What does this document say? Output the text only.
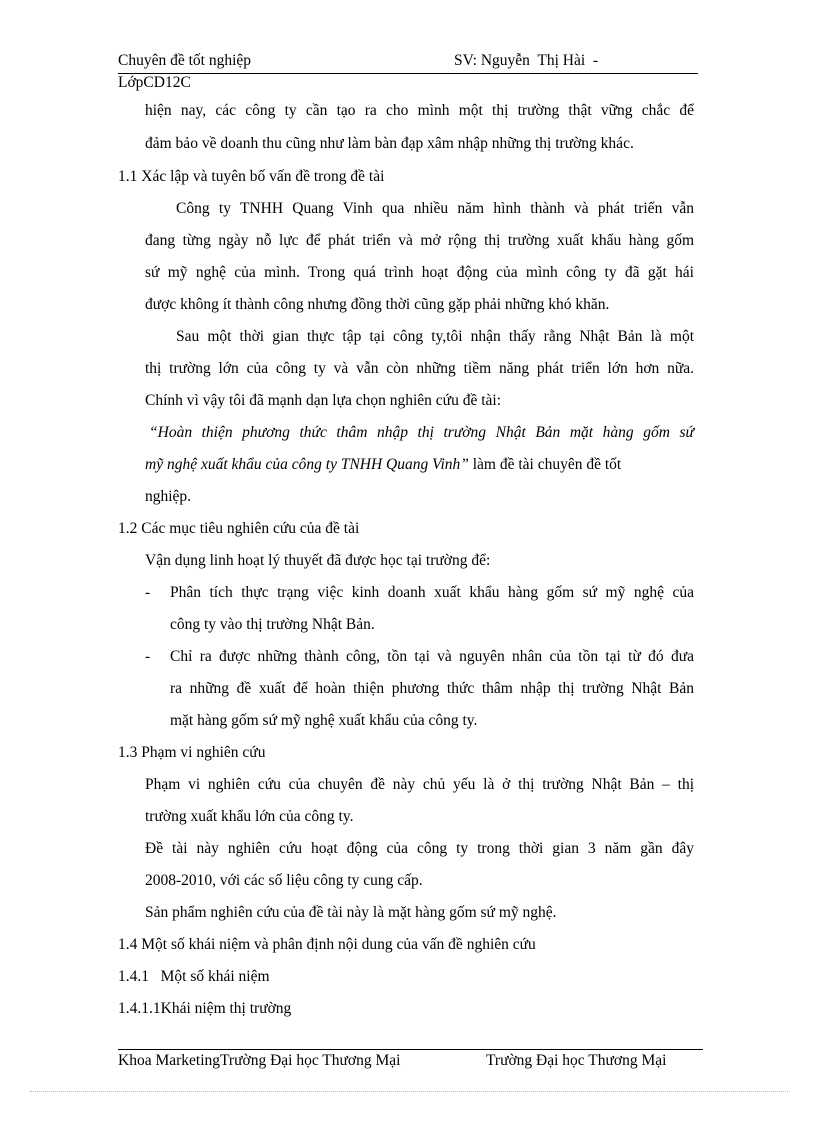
Chuyên đề tốt nghiệp	SV: Nguyễn  Thị Hài  -
LớpCD12C
hiện nay, các công ty cần tạo ra cho mình một thị trường thật vững chắc để
đảm bảo về doanh thu cũng như làm bàn đạp xâm nhập những thị trường khác.
1.1 Xác lập và tuyên bố vấn đề trong đề tài
Công ty TNHH Quang Vinh qua nhiều năm hình thành và phát triển vẫn
đang từng ngày nỗ lực để phát triển và mở rộng thị trường xuất khẩu hàng gốm
sứ mỹ nghệ của mình. Trong quá trình hoạt động của mình công ty đã gặt hái
được không ít thành công nhưng đồng thời cũng gặp phải những khó khăn.
Sau một thời gian thực tập tại công ty,tôi nhận thấy rằng Nhật Bản là một
thị trường lớn của công ty và vẫn còn những tiềm năng phát triển lớn hơn nữa.
Chính vì vậy tôi đã mạnh dạn lựa chọn nghiên cứu đề tài:
“Hoàn thiện phương thức thâm nhập thị trường Nhật Bản mặt hàng gốm sứ
mỹ nghệ xuất khẩu của công ty TNHH Quang Vinh” làm đề tài chuyên đề tốt
nghiệp.
1.2 Các mục tiêu nghiên cứu của đề tài
Vận dụng linh hoạt lý thuyết đã được học tại trường để:
- Phân tích thực trạng việc kinh doanh xuất khẩu hàng gốm sứ mỹ nghệ của
công ty vào thị trường Nhật Bản.
- Chỉ ra được những thành công, tồn tại và nguyên nhân của tồn tại từ đó đưa
ra những đề xuất để hoàn thiện phương thức thâm nhập thị trường Nhật Bản
mặt hàng gốm sứ mỹ nghệ xuất khẩu của công ty.
1.3 Phạm vi nghiên cứu
Phạm vi nghiên cứu của chuyên đề này chủ yếu là ở thị trường Nhật Bản – thị
trường xuất khẩu lớn của công ty.
Đề tài này nghiên cứu hoạt động của công ty trong thời gian 3 năm gần đây
2008-2010, với các số liệu công ty cung cấp.
Sản phẩm nghiên cứu của đề tài này là mặt hàng gốm sứ mỹ nghệ.
1.4 Một số khái niệm và phân định nội dung của vấn đề nghiên cứu
1.4.1   Một số khái niệm
1.4.1.1Khái niệm thị trường
Khoa MarketingTrường Đại học Thương Mại	Trường Đại học Thương Mại
